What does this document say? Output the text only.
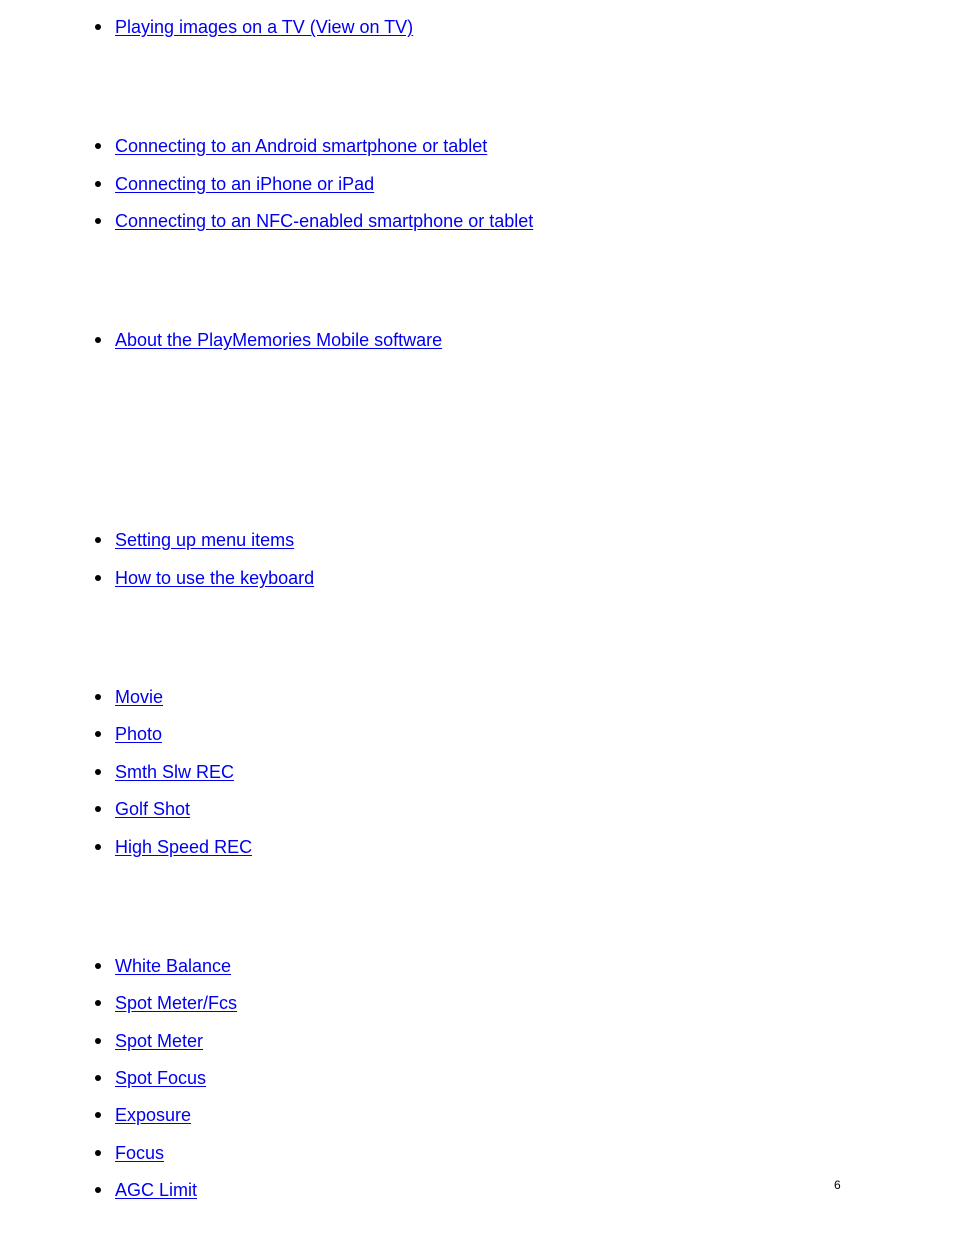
Playing images on a TV (View on TV)
Connecting to an Android smartphone or tablet
Connecting to an iPhone or iPad
Connecting to an NFC-enabled smartphone or tablet
About the PlayMemories Mobile software
Setting up menu items
How to use the keyboard
Movie
Photo
Smth Slw REC
Golf Shot
High Speed REC
White Balance
Spot Meter/Fcs
Spot Meter
Spot Focus
Exposure
Focus
AGC Limit	6
